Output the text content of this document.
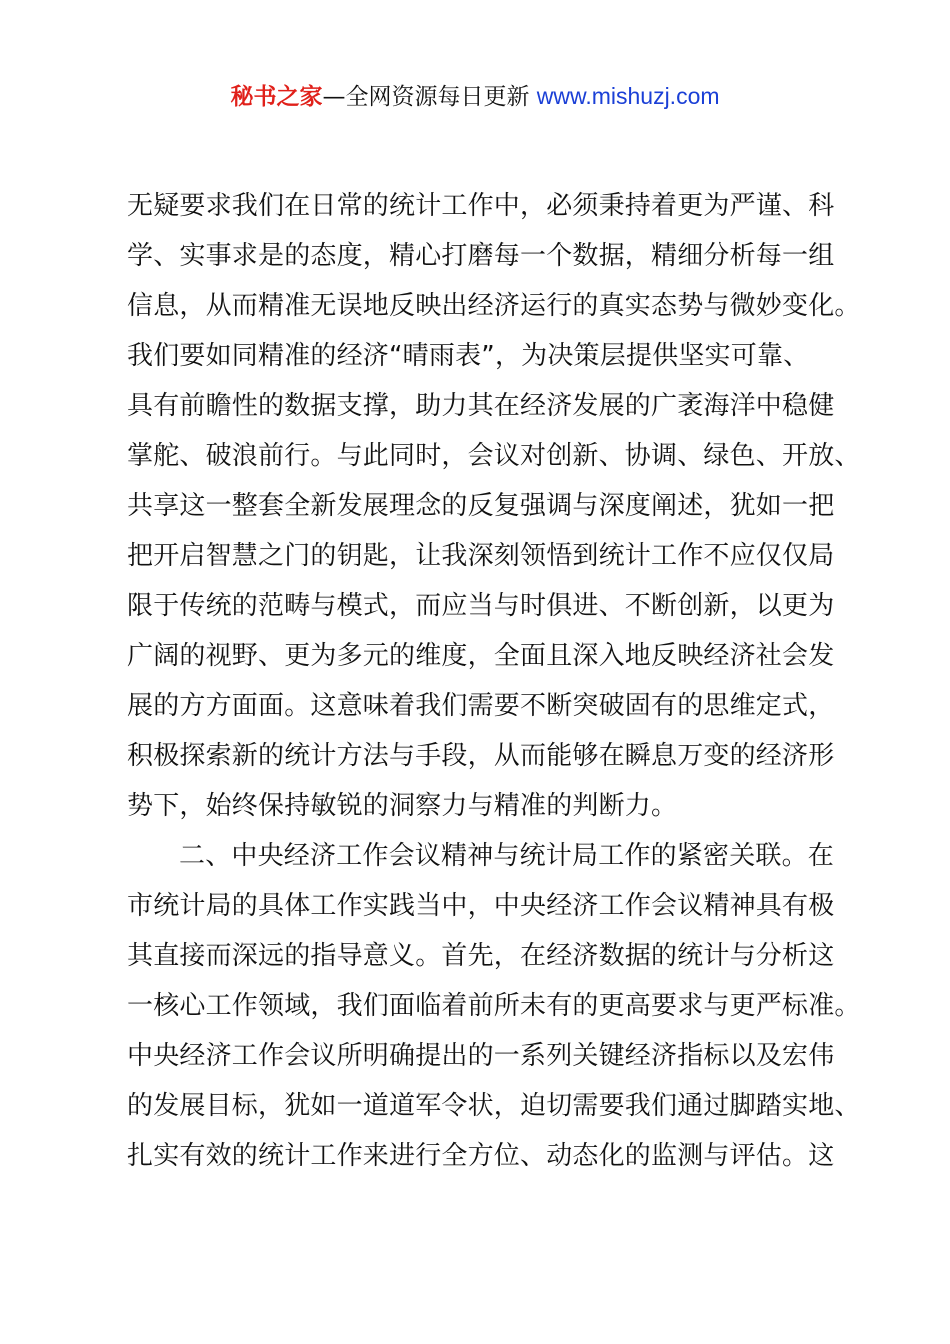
秘书之家—全网资源每日更新 www.mishuzj.com
无疑要求我们在日常的统计工作中，必须秉持着更为严谨、科
学、实事求是的态度，精心打磨每一个数据，精细分析每一组
信息，从而精准无误地反映出经济运行的真实态势与微妙变化。
我们要如同精准的经济“晴雨表”，为决策层提供坚实可靠、
具有前瞻性的数据支撑，助力其在经济发展的广袤海洋中稳健
掌舵、破浪前行。与此同时，会议对创新、协调、绿色、开放、
共享这一整套全新发展理念的反复强调与深度阐述，犹如一把
把开启智慧之门的钥匙，让我深刻领悟到统计工作不应仅仅局
限于传统的范畴与模式，而应当与时俱进、不断创新，以更为
广阔的视野、更为多元的维度，全面且深入地反映经济社会发
展的方方面面。这意味着我们需要不断突破固有的思维定式，
积极探索新的统计方法与手段，从而能够在瞬息万变的经济形
势下，始终保持敏锐的洞察力与精准的判断力。
二、中央经济工作会议精神与统计局工作的紧密关联。在
市统计局的具体工作实践当中，中央经济工作会议精神具有极
其直接而深远的指导意义。首先，在经济数据的统计与分析这
一核心工作领域，我们面临着前所未有的更高要求与更严标准。
中央经济工作会议所明确提出的一系列关键经济指标以及宏伟
的发展目标，犹如一道道军令状，迫切需要我们通过脚踏实地、
扎实有效的统计工作来进行全方位、动态化的监测与评估。这
